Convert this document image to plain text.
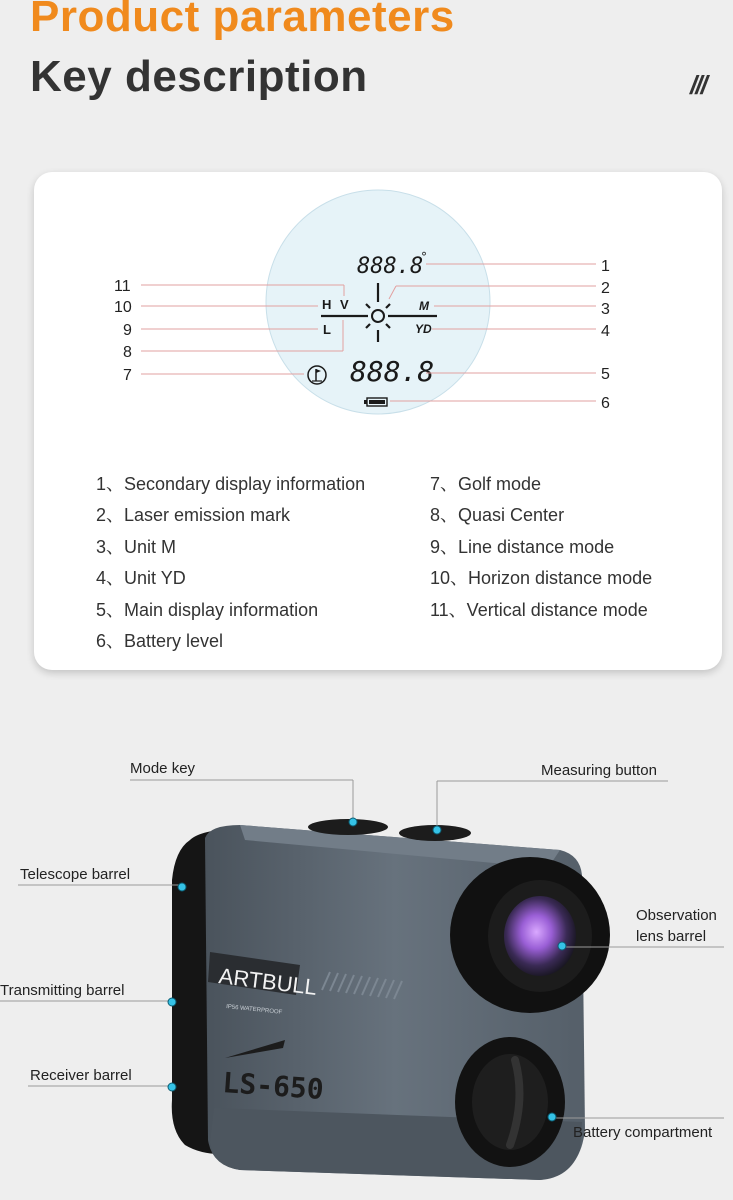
Product parameters
Key description	///
888.8
°
H V
L
M
YD
888.8
11
10
9
8
7
1
2
3
4
5
6
1、Secondary display information
2、Laser emission mark
3、Unit M
4、Unit YD
5、Main display information
6、Battery level
7、Golf mode
8、Quasi Center
9、Line distance mode
10、Horizon distance mode
11、Vertical distance mode
ARTBULL
IP56 WATERPROOF
LS-650
Mode key	Measuring button
Telescope barrel
Observation
lens barrel
Transmitting barrel
Receiver barrel
Battery compartment
